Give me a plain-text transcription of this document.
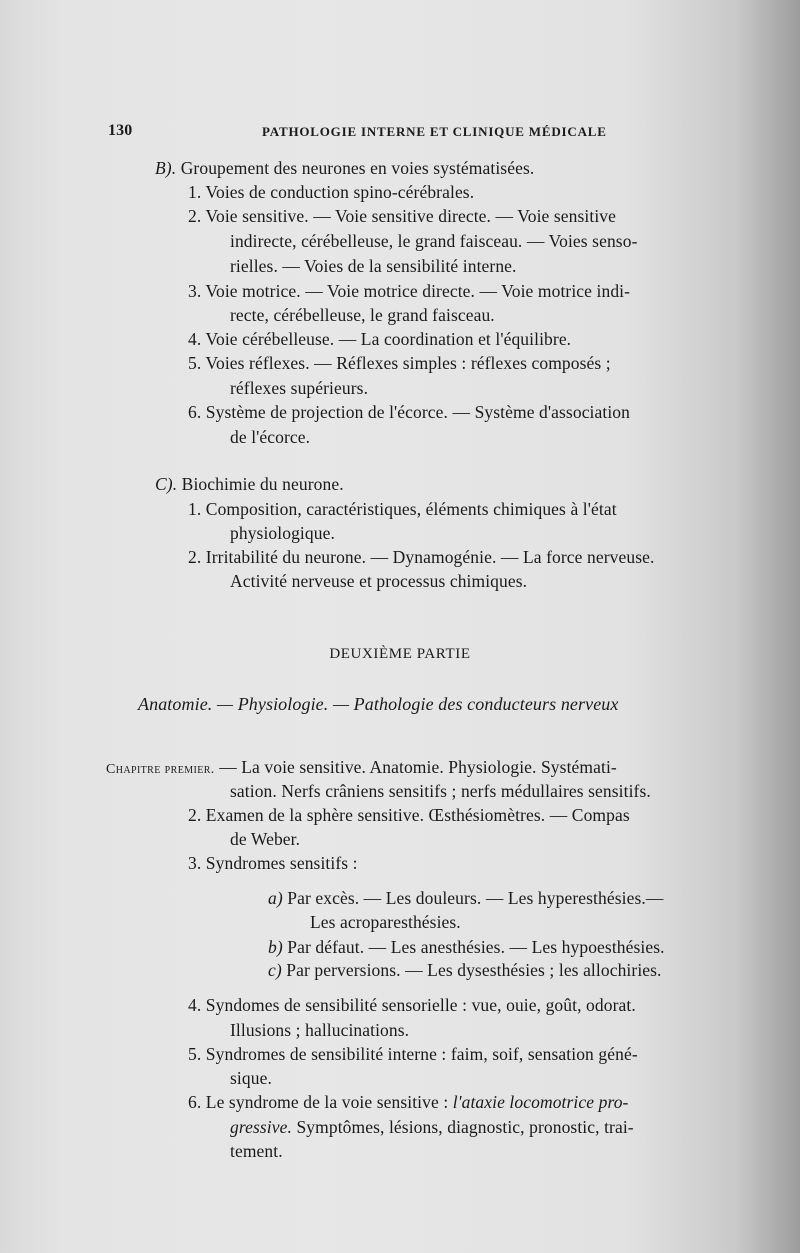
130	PATHOLOGIE INTERNE ET CLINIQUE MÉDICALE
B). Groupement des neurones en voies systématisées.
1. Voies de conduction spino-cérébrales.
2. Voie sensitive. — Voie sensitive directe. — Voie sensitive
indirecte, cérébelleuse, le grand faisceau. — Voies senso-
rielles. — Voies de la sensibilité interne.
3. Voie motrice. — Voie motrice directe. — Voie motrice indi-
recte, cérébelleuse, le grand faisceau.
4. Voie cérébelleuse. — La coordination et l'équilibre.
5. Voies réflexes. — Réflexes simples : réflexes composés ;
réflexes supérieurs.
6. Système de projection de l'écorce. — Système d'association
de l'écorce.
C). Biochimie du neurone.
1. Composition, caractéristiques, éléments chimiques à l'état
physiologique.
2. Irritabilité du neurone. — Dynamogénie. — La force nerveuse.
Activité nerveuse et processus chimiques.
DEUXIÈME PARTIE
Anatomie. — Physiologie. — Pathologie des conducteurs nerveux
Chapitre premier. — La voie sensitive. Anatomie. Physiologie. Systémati-
sation. Nerfs crâniens sensitifs ; nerfs médullaires sensitifs.
2. Examen de la sphère sensitive. Œsthésiomètres. — Compas
de Weber.
3. Syndromes sensitifs :
a) Par excès. — Les douleurs. — Les hyperesthésies.—
Les acroparesthésies.
b) Par défaut. — Les anesthésies. — Les hypoesthésies.
c) Par perversions. — Les dysesthésies ; les allochiries.
4. Syndomes de sensibilité sensorielle : vue, ouie, goût, odorat.
Illusions ; hallucinations.
5. Syndromes de sensibilité interne : faim, soif, sensation géné-
sique.
6. Le syndrome de la voie sensitive : l'ataxie locomotrice pro-
gressive. Symptômes, lésions, diagnostic, pronostic, trai-
tement.
